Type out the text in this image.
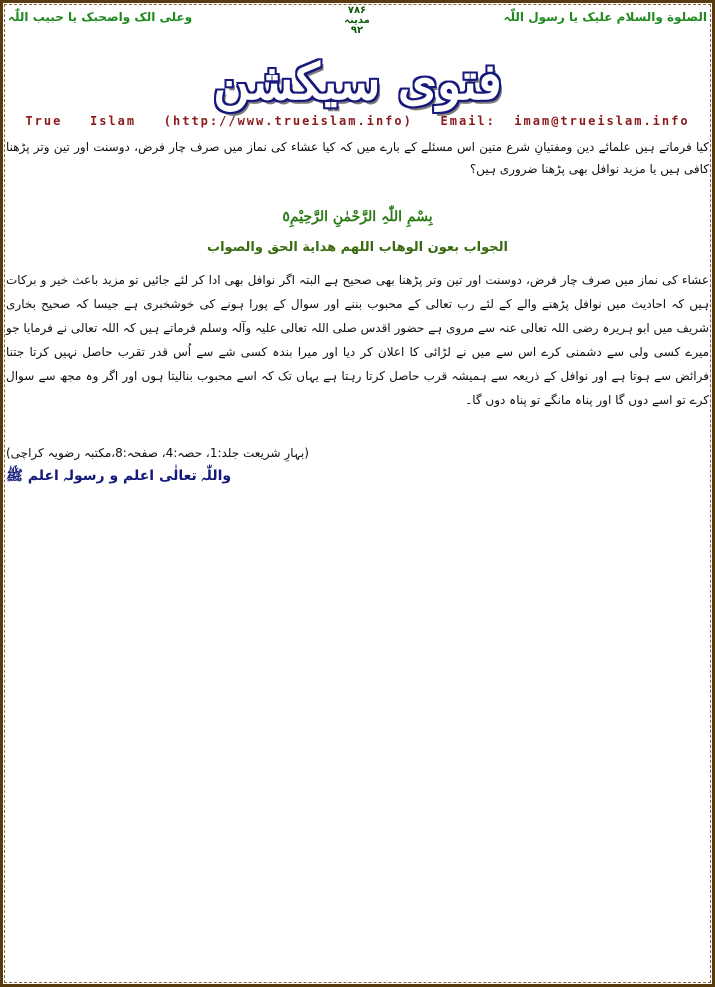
الصلوة والسلام علیک یا رسول اللّٰہ
وعلی الک واصحبک یا حبیب اللّٰہ	۷۸۶
مدینہ
۹۲
فتوی سیکشن
True   Islam   (http://www.trueislam.info)   Email:  imam@trueislam.info
کیا فرماتے ہیں علمائے دین ومفتیانِ شرع متین اس مسئلے کے بارے میں کہ کیا عشاء کی نماز میں صرف چار فرض، دوسنت اور تین وتر پڑھنا کافی ہیں یا مزید نوافل بھی پڑھنا ضروری ہیں؟
بِسْمِ اللّٰہِ الرَّحْمٰنِ الرَّحِیْمِ٥
الجواب بعون الوهاب اللهم هداية الحق والصواب
عشاء کی نماز میں صرف چار فرض، دوسنت اور تین وتر پڑھنا بھی صحیح ہے البتہ اگر نوافل بھی ادا کر لئے جائیں تو مزید باعث خیر و برکات ہیں کہ احادیث میں نوافل پڑھنے والے کے لئے رب تعالی کے محبوب بننے اور سوال کے پورا ہونے کی خوشخبری ہے جیسا کہ صحیح بخاری شریف میں ابو ہریرہ رضی اللہ تعالی عنہ سے مروی ہے حضور اقدس صلی اللہ تعالی علیہ وآلہ وسلم فرماتے ہیں کہ اللہ تعالی نے فرمایا جو میرے کسی ولی سے دشمنی کرے اس سے میں نے لڑائی کا اعلان کر دیا اور میرا بندہ کسی شے سے اُس قدر تقرب حاصل نہیں کرتا جتنا فرائض سے ہوتا ہے اور نوافل کے ذریعہ سے ہمیشہ قرب حاصل کرتا رہتا ہے یہاں تک کہ اسے محبوب بنالیتا ہوں اور اگر وہ مجھ سے سوال کرے تو اسے دوں گا اور پناہ مانگے تو پناہ دوں گا۔
(بہارِ شریعت جلد:1، حصہ:4، صفحہ:8،مکتبہ رضویہ کراچی)
واللّٰہ تعالٰی اعلم و رسولہ اعلم ﷺ
